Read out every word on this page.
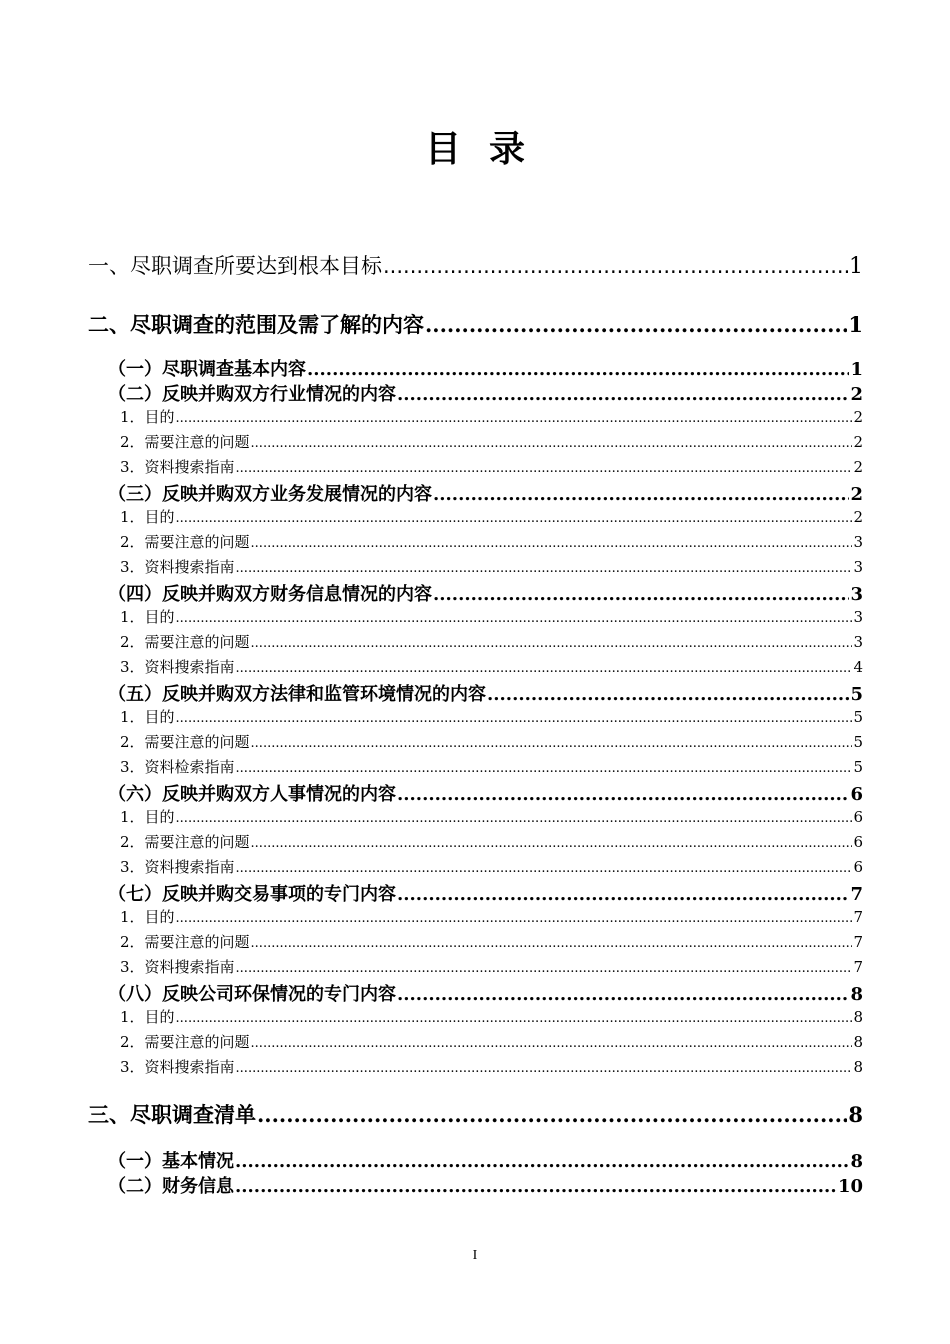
目录
一、尽职调查所要达到根本目标 .....	1
二、尽职调查的范围及需了解的内容 .....	1
（一）尽职调查基本内容 .....	1
（二）反映并购双方行业情况的内容 .....	2
1．目的 .....	2
2．需要注意的问题 .....	2
3．资料搜索指南 .....	2
（三）反映并购双方业务发展情况的内容 .....	2
1．目的 .....	2
2．需要注意的问题 .....	3
3．资料搜索指南 .....	3
（四）反映并购双方财务信息情况的内容 .....	3
1．目的 .....	3
2．需要注意的问题 .....	3
3．资料搜索指南 .....	4
（五）反映并购双方法律和监管环境情况的内容 .....	5
1．目的 .....	5
2．需要注意的问题 .....	5
3．资料检索指南 .....	5
（六）反映并购双方人事情况的内容 .....	6
1．目的 .....	6
2．需要注意的问题 .....	6
3．资料搜索指南 .....	6
（七）反映并购交易事项的专门内容 .....	7
1．目的 .....	7
2．需要注意的问题 .....	7
3．资料搜索指南 .....	7
（八）反映公司环保情况的专门内容 .....	8
1．目的 .....	8
2．需要注意的问题 .....	8
3．资料搜索指南 .....	8
三、尽职调查清单 .....	8
（一）基本情况 .....	8
（二）财务信息 .....	10
I
